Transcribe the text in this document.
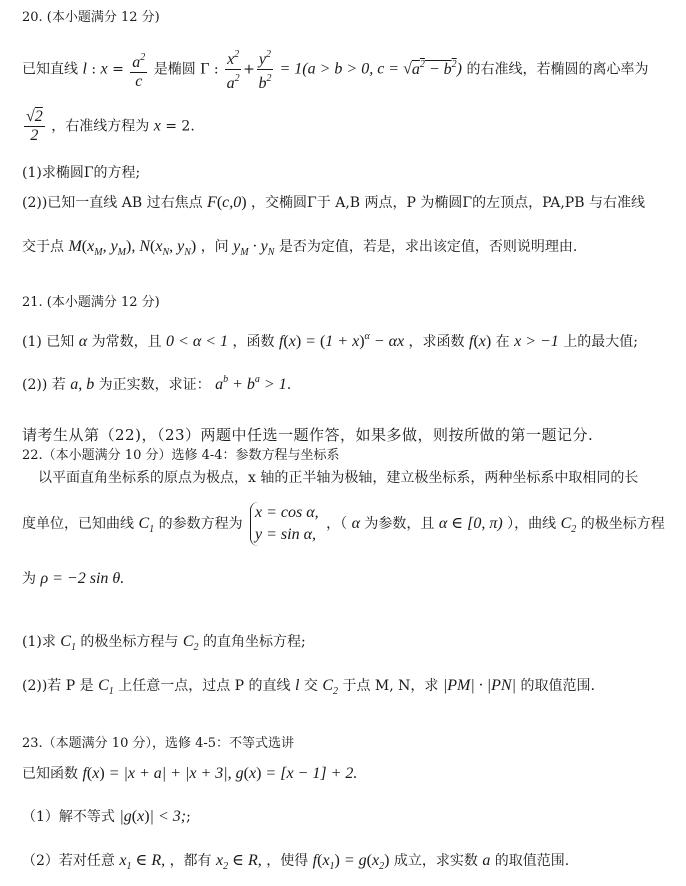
20. (本小题满分 12 分)
已知直线 l : $x = \frac{a^2}{c}$ 是椭圆 Γ : $\frac{x^2}{a^2} + \frac{y^2}{b^2} = 1(a > b > 0$, $c = √a^2 - b^2$) 的右准线，若椭圆的离心率为
$\frac{√2}{2}$ ，右准线方程为 x = 2.
(1)求椭圆Γ的方程;
(2))已知一直线 AB 过右焦点 F(c,0) ，交椭圆Γ于 A,B 两点，P 为椭圆Γ的左顶点，PA,PB 与右准线
交于点 $M(x_M$, $y_M$), $N(x_N$, $y_N$) ，问 $y_M \cdot y_N$ 是否为定值，若是，求出该定值，否则说明理由.
21. (本小题满分 12 分)
(1) 已知 α 为常数，且 0 < α < 1 ，函数 $f(x) = (1 + x)^\alpha - \alpha x$ ，求函数 f(x) 在 x > −1 上的最大值;
(2)) 若 a, b 为正实数，求证： $a^b + b^a > 1$.
请考生从第（22)，（23）两题中任选一题作答，如果多做，则按所做的第一题记分.
22.（本小题满分 10 分）选修 4-4：参数方程与坐标系
以平面直角坐标系的原点为极点，x 轴的正半轴为极轴，建立极坐标系，两种坐标系中取相同的长
度单位，已知曲线 $C_1$ 的参数方程为 x = cos α,
y = sin α, ，（ α 为参数，且 α ∈ [0, π) ），曲线 $C_2$ 的极坐标方程
为 ρ = −2 sin θ.
(1)求 $C_1$ 的极坐标方程与 $C_2$ 的直角坐标方程;
(2))若 P 是 $C_1$ 上任意一点，过点 P 的直线 l 交 $C_2$ 于点 M, N，求 |PM| · |PN| 的取值范围.
23.（本题满分 10 分），选修 4-5：不等式选讲
已知函数 f(x) = |x + a| + |x + 3|, g(x) = [x − 1] + 2.
（1）解不等式 |g(x)| < 3;;
（2）若对任意 $x_1$ ∈ R, ，都有 $x_2$ ∈ R, ，使得 $f(x_1) = g(x_2)$ 成立，求实数 a 的取值范围.
